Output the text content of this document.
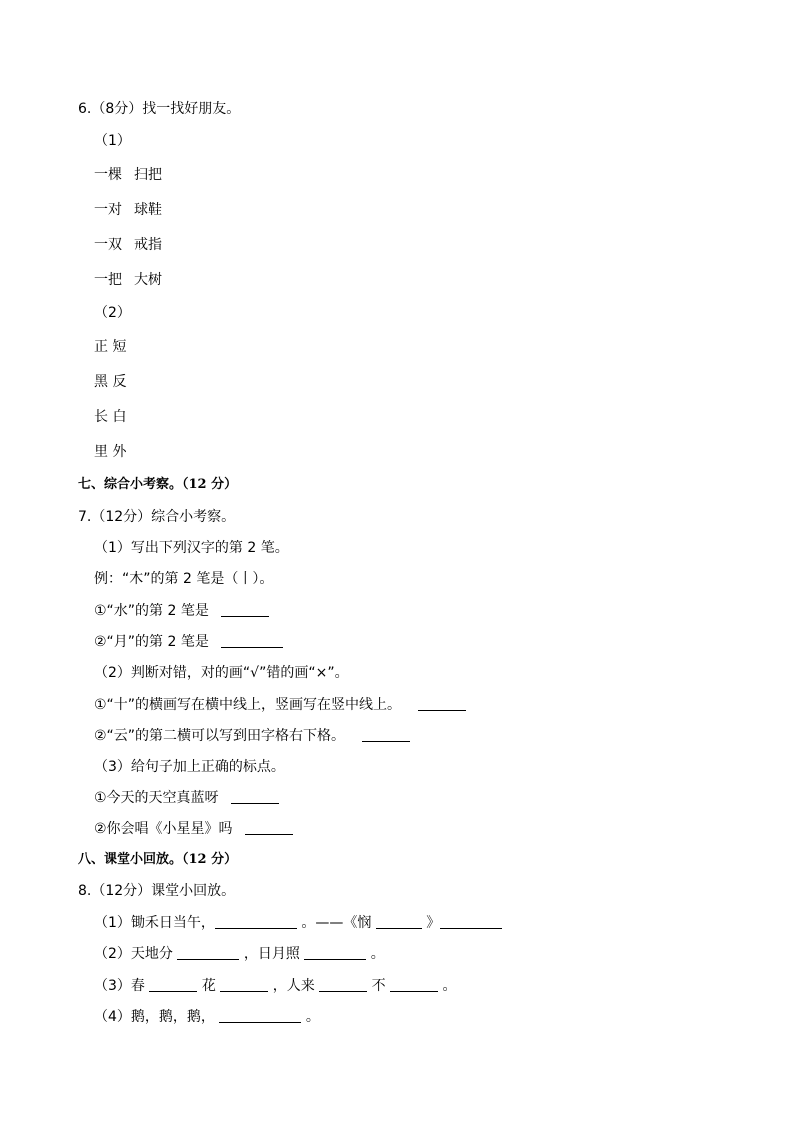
6.（8分）找一找好朋友。
（1）
一棵 扫把
一对 球鞋
一双 戒指
一把 大树
（2）
正 短
黑 反
长 白
里 外
七、综合小考察。（12 分）
7.（12分）综合小考察。
（1）写出下列汉字的第 2 笔。
例：“木”的第 2 笔是（丨）。
①“水”的第 2 笔是
②“月”的第 2 笔是
（2）判断对错，对的画“√”错的画“×”。
①“十”的横画写在横中线上，竖画写在竖中线上。
②“云”的第二横可以写到田字格右下格。
（3）给句子加上正确的标点。
①今天的天空真蓝呀
②你会唱《小星星》吗
八、课堂小回放。（12 分）
8.（12分）课堂小回放。
（1）锄禾日当午，	。——《悯	》
（2）天地分	，日月照	。
（3）春	花	，人来	不	。
（4）鹅，鹅，鹅，	。
